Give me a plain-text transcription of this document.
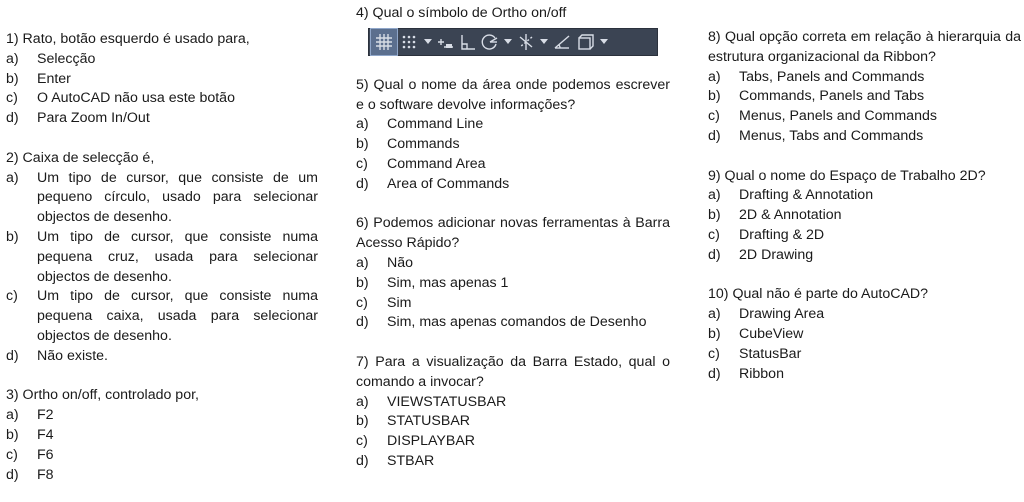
1) Rato, botão esquerdo é usado para,
a) Selecção
b) Enter
c) O AutoCAD não usa este botão
d) Para Zoom In/Out
2) Caixa de selecção é,
a) Um tipo de cursor, que consiste de um pequeno círculo, usado para selecionar objectos de desenho.
b) Um tipo de cursor, que consiste numa pequena cruz, usada para selecionar objectos de desenho.
c) Um tipo de cursor, que consiste numa pequena caixa, usada para selecionar objectos de desenho.
d) Não existe.
3) Ortho on/off, controlado por,
a) F2
b) F4
c) F6
d) F8
4) Qual o símbolo de Ortho on/off
5) Qual o nome da área onde podemos escrever e o software devolve informações?
a) Command Line
b) Commands
c) Command Area
d) Area of Commands
6) Podemos adicionar novas ferramentas à Barra Acesso Rápido?
a) Não
b) Sim, mas apenas 1
c) Sim
d) Sim, mas apenas comandos de Desenho
7) Para a visualização da Barra Estado, qual o comando a invocar?
a) VIEWSTATUSBAR
b) STATUSBAR
c) DISPLAYBAR
d) STBAR
8) Qual opção correta em relação à hierarquia da estrutura organizacional da Ribbon?
a) Tabs, Panels and Commands
b) Commands, Panels and Tabs
c) Menus, Panels and Commands
d) Menus, Tabs and Commands
9) Qual o nome do Espaço de Trabalho 2D?
a) Drafting & Annotation
b) 2D & Annotation
c) Drafting & 2D
d) 2D Drawing
10) Qual não é parte do AutoCAD?
a) Drawing Area
b) CubeView
c) StatusBar
d) Ribbon
